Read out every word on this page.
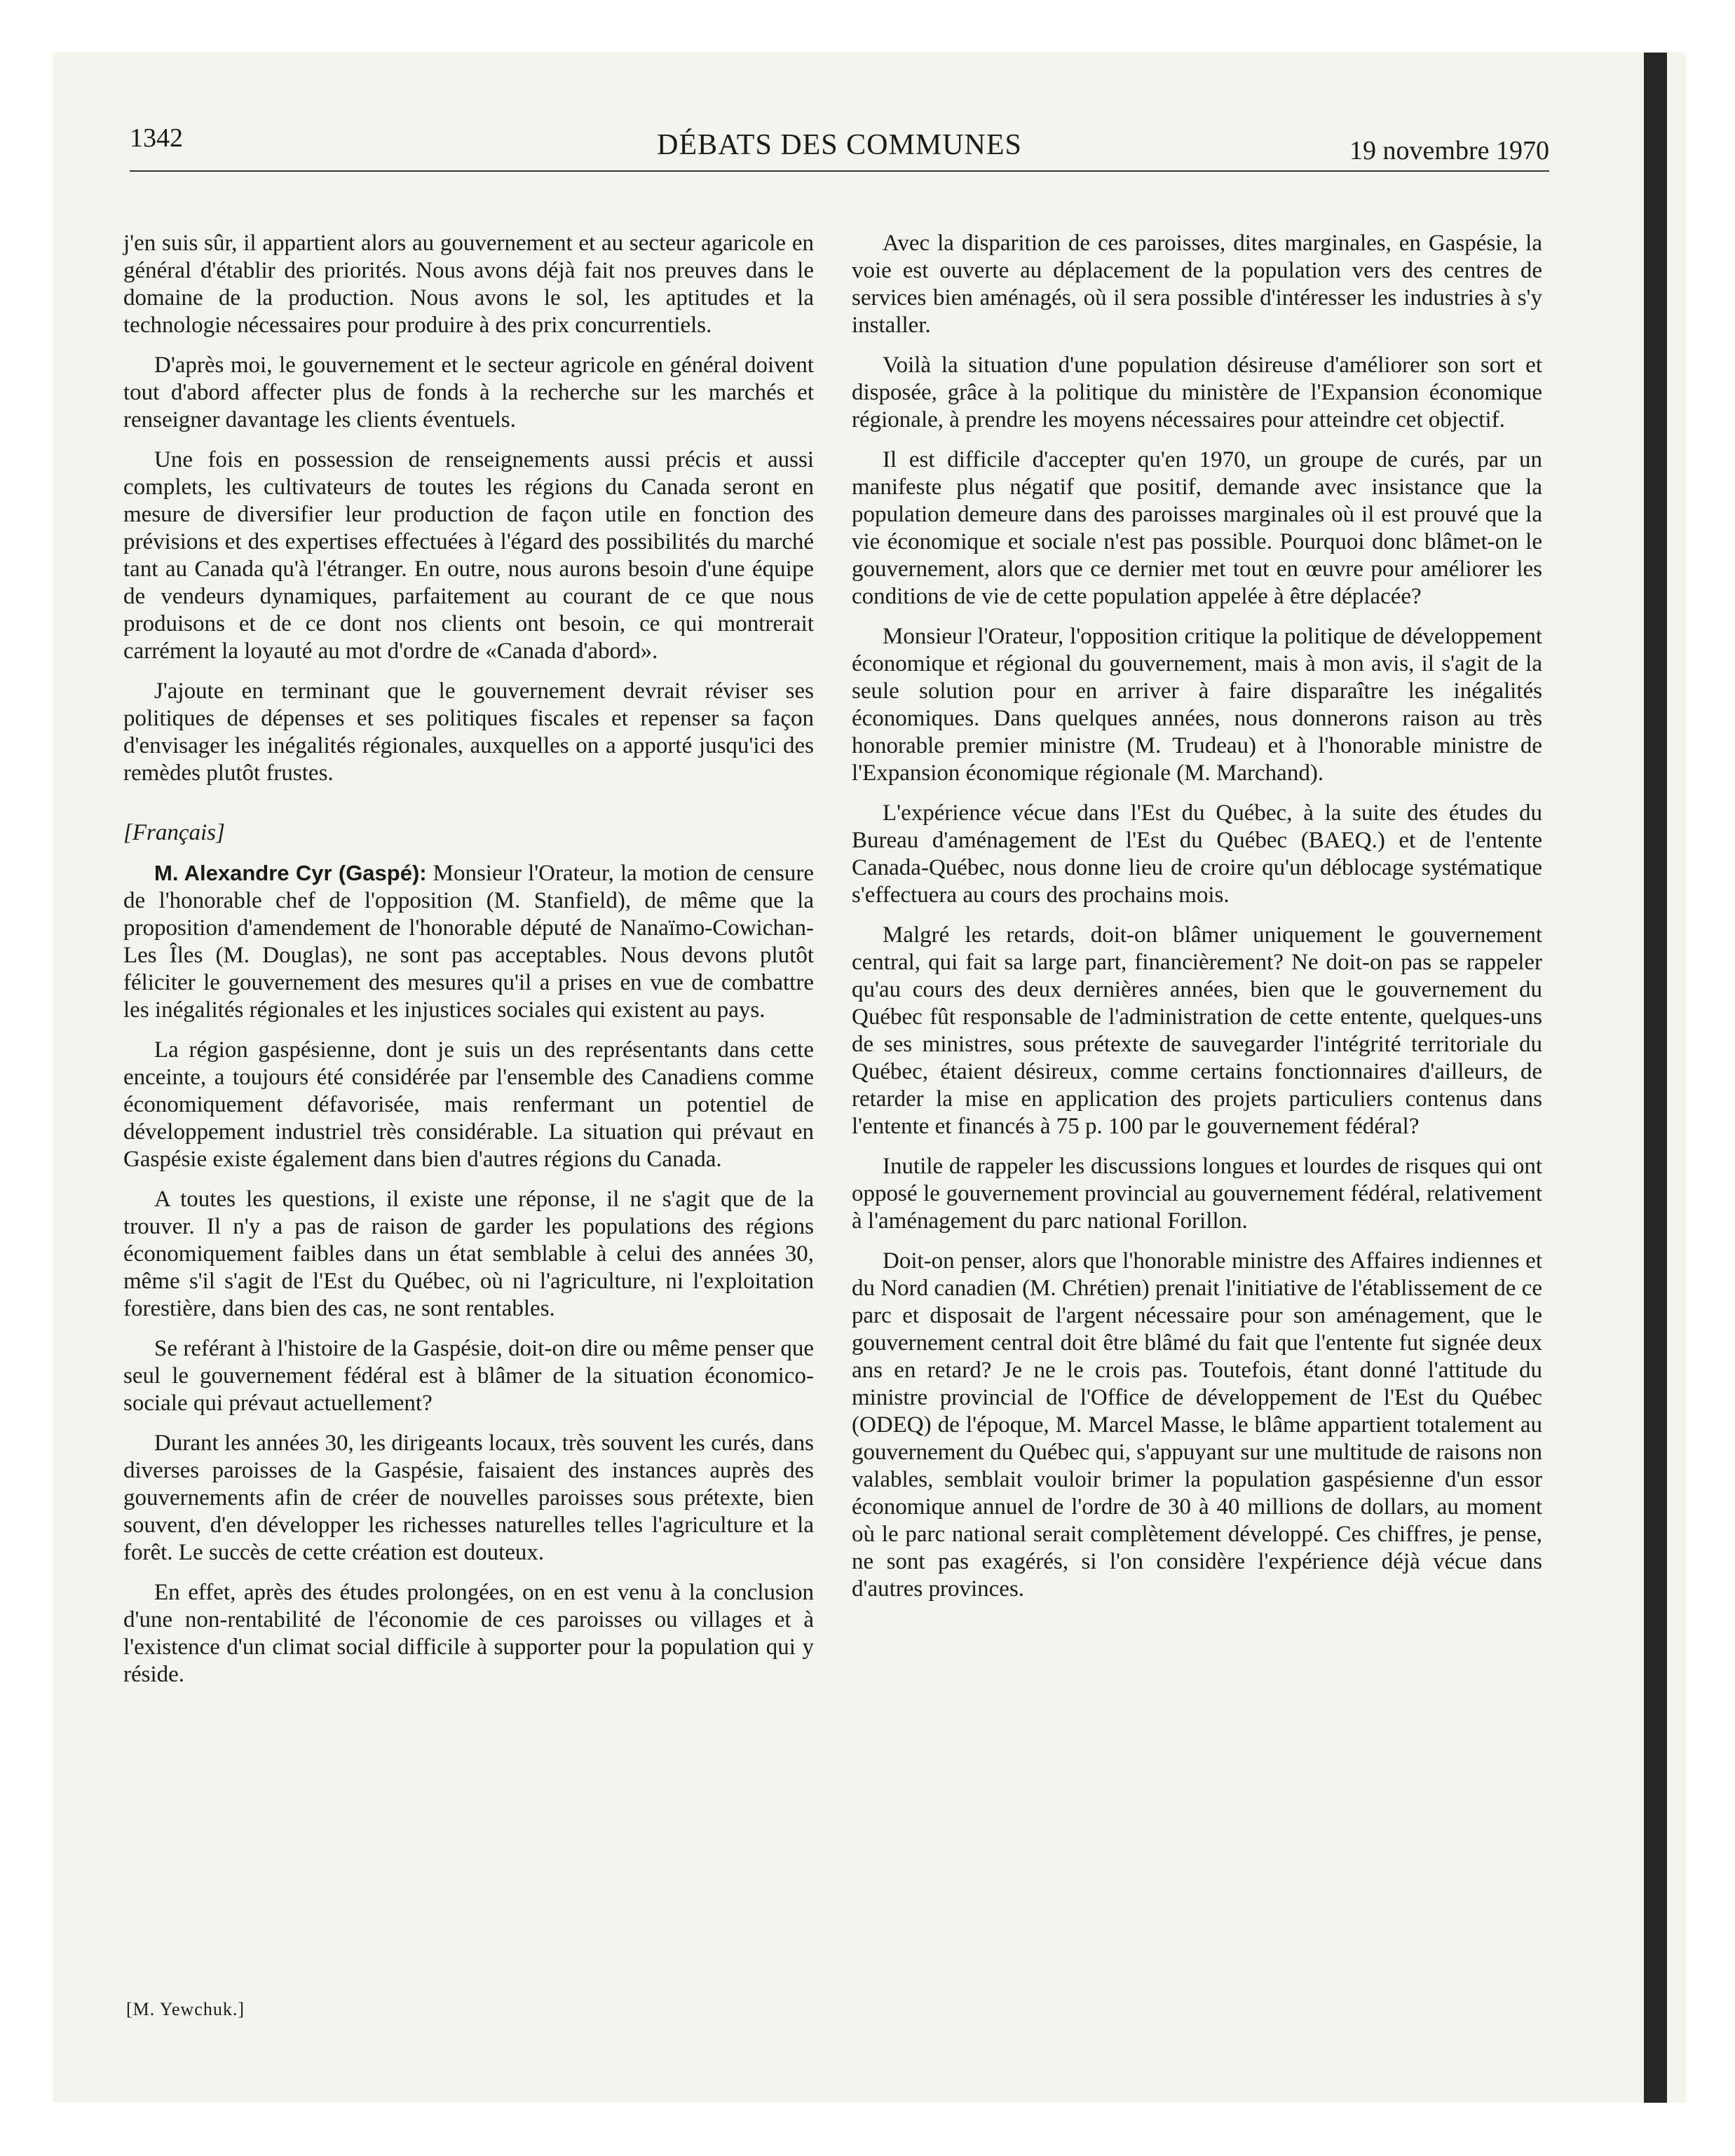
1342	DÉBATS DES COMMUNES	19 novembre 1970

j'en suis sûr, il appartient alors au gouvernement et au secteur agaricole en général d'établir des priorités. Nous avons déjà fait nos preuves dans le domaine de la production. Nous avons le sol, les aptitudes et la technologie nécessaires pour produire à des prix concurrentiels.

D'après moi, le gouvernement et le secteur agricole en général doivent tout d'abord affecter plus de fonds à la recherche sur les marchés et renseigner davantage les clients éventuels.

Une fois en possession de renseignements aussi précis et aussi complets, les cultivateurs de toutes les régions du Canada seront en mesure de diversifier leur production de façon utile en fonction des prévisions et des expertises effectuées à l'égard des possibilités du marché tant au Canada qu'à l'étranger. En outre, nous aurons besoin d'une équipe de vendeurs dynamiques, parfaitement au courant de ce que nous produisons et de ce dont nos clients ont besoin, ce qui montrerait carrément la loyauté au mot d'ordre de «Canada d'abord».

J'ajoute en terminant que le gouvernement devrait réviser ses politiques de dépenses et ses politiques fiscales et repenser sa façon d'envisager les inégalités régionales, auxquelles on a apporté jusqu'ici des remèdes plutôt frustes.

[Français]

M. Alexandre Cyr (Gaspé): Monsieur l'Orateur, la motion de censure de l'honorable chef de l'opposition (M. Stanfield), de même que la proposition d'amendement de l'honorable député de Nanaïmo-Cowichan-Les Îles (M. Douglas), ne sont pas acceptables. Nous devons plutôt féliciter le gouvernement des mesures qu'il a prises en vue de combattre les inégalités régionales et les injustices sociales qui existent au pays.

La région gaspésienne, dont je suis un des représentants dans cette enceinte, a toujours été considérée par l'ensemble des Canadiens comme économiquement défavorisée, mais renfermant un potentiel de développement industriel très considérable. La situation qui prévaut en Gaspésie existe également dans bien d'autres régions du Canada.

A toutes les questions, il existe une réponse, il ne s'agit que de la trouver. Il n'y a pas de raison de garder les populations des régions économiquement faibles dans un état semblable à celui des années 30, même s'il s'agit de l'Est du Québec, où ni l'agriculture, ni l'exploitation forestière, dans bien des cas, ne sont rentables.

Se reférant à l'histoire de la Gaspésie, doit-on dire ou même penser que seul le gouvernement fédéral est à blâmer de la situation économico-sociale qui prévaut actuellement?

Durant les années 30, les dirigeants locaux, très souvent les curés, dans diverses paroisses de la Gaspésie, faisaient des instances auprès des gouvernements afin de créer de nouvelles paroisses sous prétexte, bien souvent, d'en développer les richesses naturelles telles l'agriculture et la forêt. Le succès de cette création est douteux.

En effet, après des études prolongées, on en est venu à la conclusion d'une non-rentabilité de l'économie de ces paroisses ou villages et à l'existence d'un climat social difficile à supporter pour la population qui y réside.

Avec la disparition de ces paroisses, dites marginales, en Gaspésie, la voie est ouverte au déplacement de la population vers des centres de services bien aménagés, où il sera possible d'intéresser les industries à s'y installer.

Voilà la situation d'une population désireuse d'améliorer son sort et disposée, grâce à la politique du ministère de l'Expansion économique régionale, à prendre les moyens nécessaires pour atteindre cet objectif.

Il est difficile d'accepter qu'en 1970, un groupe de curés, par un manifeste plus négatif que positif, demande avec insistance que la population demeure dans des paroisses marginales où il est prouvé que la vie économique et sociale n'est pas possible. Pourquoi donc blâmet-on le gouvernement, alors que ce dernier met tout en œuvre pour améliorer les conditions de vie de cette population appelée à être déplacée?

Monsieur l'Orateur, l'opposition critique la politique de développement économique et régional du gouvernement, mais à mon avis, il s'agit de la seule solution pour en arriver à faire disparaître les inégalités économiques. Dans quelques années, nous donnerons raison au très honorable premier ministre (M. Trudeau) et à l'honorable ministre de l'Expansion économique régionale (M. Marchand).

L'expérience vécue dans l'Est du Québec, à la suite des études du Bureau d'aménagement de l'Est du Québec (BAEQ.) et de l'entente Canada-Québec, nous donne lieu de croire qu'un déblocage systématique s'effectuera au cours des prochains mois.

Malgré les retards, doit-on blâmer uniquement le gouvernement central, qui fait sa large part, financièrement? Ne doit-on pas se rappeler qu'au cours des deux dernières années, bien que le gouvernement du Québec fût responsable de l'administration de cette entente, quelques-uns de ses ministres, sous prétexte de sauvegarder l'intégrité territoriale du Québec, étaient désireux, comme certains fonctionnaires d'ailleurs, de retarder la mise en application des projets particuliers contenus dans l'entente et financés à 75 p. 100 par le gouvernement fédéral?

Inutile de rappeler les discussions longues et lourdes de risques qui ont opposé le gouvernement provincial au gouvernement fédéral, relativement à l'aménagement du parc national Forillon.

Doit-on penser, alors que l'honorable ministre des Affaires indiennes et du Nord canadien (M. Chrétien) prenait l'initiative de l'établissement de ce parc et disposait de l'argent nécessaire pour son aménagement, que le gouvernement central doit être blâmé du fait que l'entente fut signée deux ans en retard? Je ne le crois pas. Toutefois, étant donné l'attitude du ministre provincial de l'Office de développement de l'Est du Québec (ODEQ) de l'époque, M. Marcel Masse, le blâme appartient totalement au gouvernement du Québec qui, s'appuyant sur une multitude de raisons non valables, semblait vouloir brimer la population gaspésienne d'un essor économique annuel de l'ordre de 30 à 40 millions de dollars, au moment où le parc national serait complètement développé. Ces chiffres, je pense, ne sont pas exagérés, si l'on considère l'expérience déjà vécue dans d'autres provinces.

[M. Yewchuk.]
